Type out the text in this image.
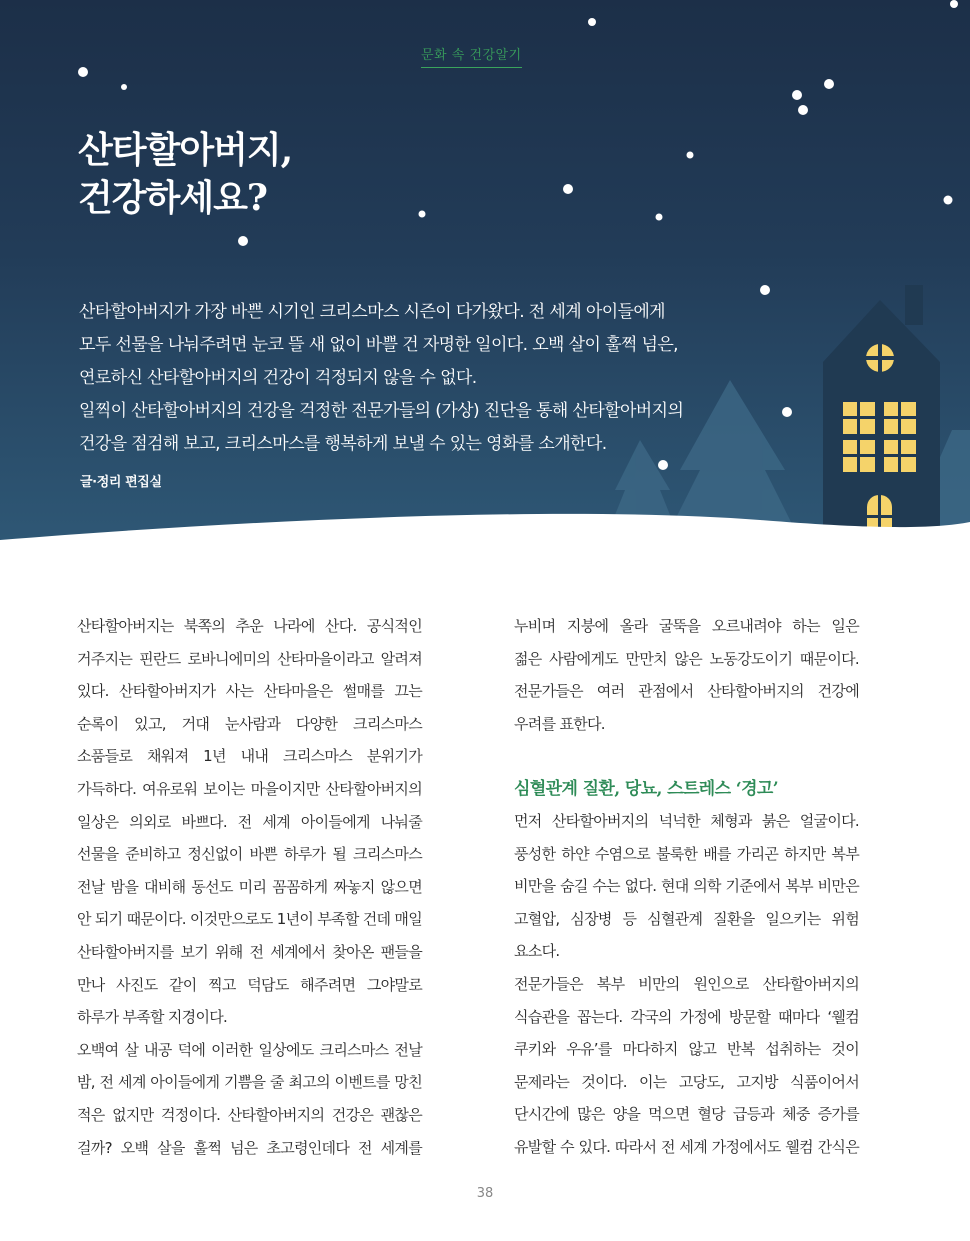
문화 속 건강알기
산타할아버지,
건강하세요?
산타할아버지가 가장 바쁜 시기인 크리스마스 시즌이 다가왔다. 전 세계 아이들에게
모두 선물을 나눠주려면 눈코 뜰 새 없이 바쁠 건 자명한 일이다. 오백 살이 훌쩍 넘은,
연로하신 산타할아버지의 건강이 걱정되지 않을 수 없다.
일찍이 산타할아버지의 건강을 걱정한 전문가들의 (가상) 진단을 통해 산타할아버지의
건강을 점검해 보고, 크리스마스를 행복하게 보낼 수 있는 영화를 소개한다.
글·정리 편집실
산타할아버지는 북쪽의 추운 나라에 산다. 공식적인
거주지는 핀란드 로바니에미의 산타마을이라고 알려져
있다. 산타할아버지가 사는 산타마을은 썰매를 끄는
순록이 있고, 거대 눈사람과 다양한 크리스마스
소품들로 채워져 1년 내내 크리스마스 분위기가
가득하다. 여유로워 보이는 마을이지만 산타할아버지의
일상은 의외로 바쁘다. 전 세계 아이들에게 나눠줄
선물을 준비하고 정신없이 바쁜 하루가 될 크리스마스
전날 밤을 대비해 동선도 미리 꼼꼼하게 짜놓지 않으면
안 되기 때문이다. 이것만으로도 1년이 부족할 건데 매일
산타할아버지를 보기 위해 전 세계에서 찾아온 팬들을
만나 사진도 같이 찍고 덕담도 해주려면 그야말로
하루가 부족할 지경이다.
오백여 살 내공 덕에 이러한 일상에도 크리스마스 전날
밤, 전 세계 아이들에게 기쁨을 줄 최고의 이벤트를 망친
적은 없지만 걱정이다. 산타할아버지의 건강은 괜찮은
걸까? 오백 살을 훌쩍 넘은 초고령인데다 전 세계를
누비며 지붕에 올라 굴뚝을 오르내려야 하는 일은
젊은 사람에게도 만만치 않은 노동강도이기 때문이다.
전문가들은 여러 관점에서 산타할아버지의 건강에
우려를 표한다.
심혈관계 질환, 당뇨, 스트레스 ‘경고’
먼저 산타할아버지의 넉넉한 체형과 붉은 얼굴이다.
풍성한 하얀 수염으로 불룩한 배를 가리곤 하지만 복부
비만을 숨길 수는 없다. 현대 의학 기준에서 복부 비만은
고혈압, 심장병 등 심혈관계 질환을 일으키는 위험
요소다.
전문가들은 복부 비만의 원인으로 산타할아버지의
식습관을 꼽는다. 각국의 가정에 방문할 때마다 ‘웰컴
쿠키와 우유’를 마다하지 않고 반복 섭취하는 것이
문제라는 것이다. 이는 고당도, 고지방 식품이어서
단시간에 많은 양을 먹으면 혈당 급등과 체중 증가를
유발할 수 있다. 따라서 전 세계 가정에서도 웰컴 간식은
38
